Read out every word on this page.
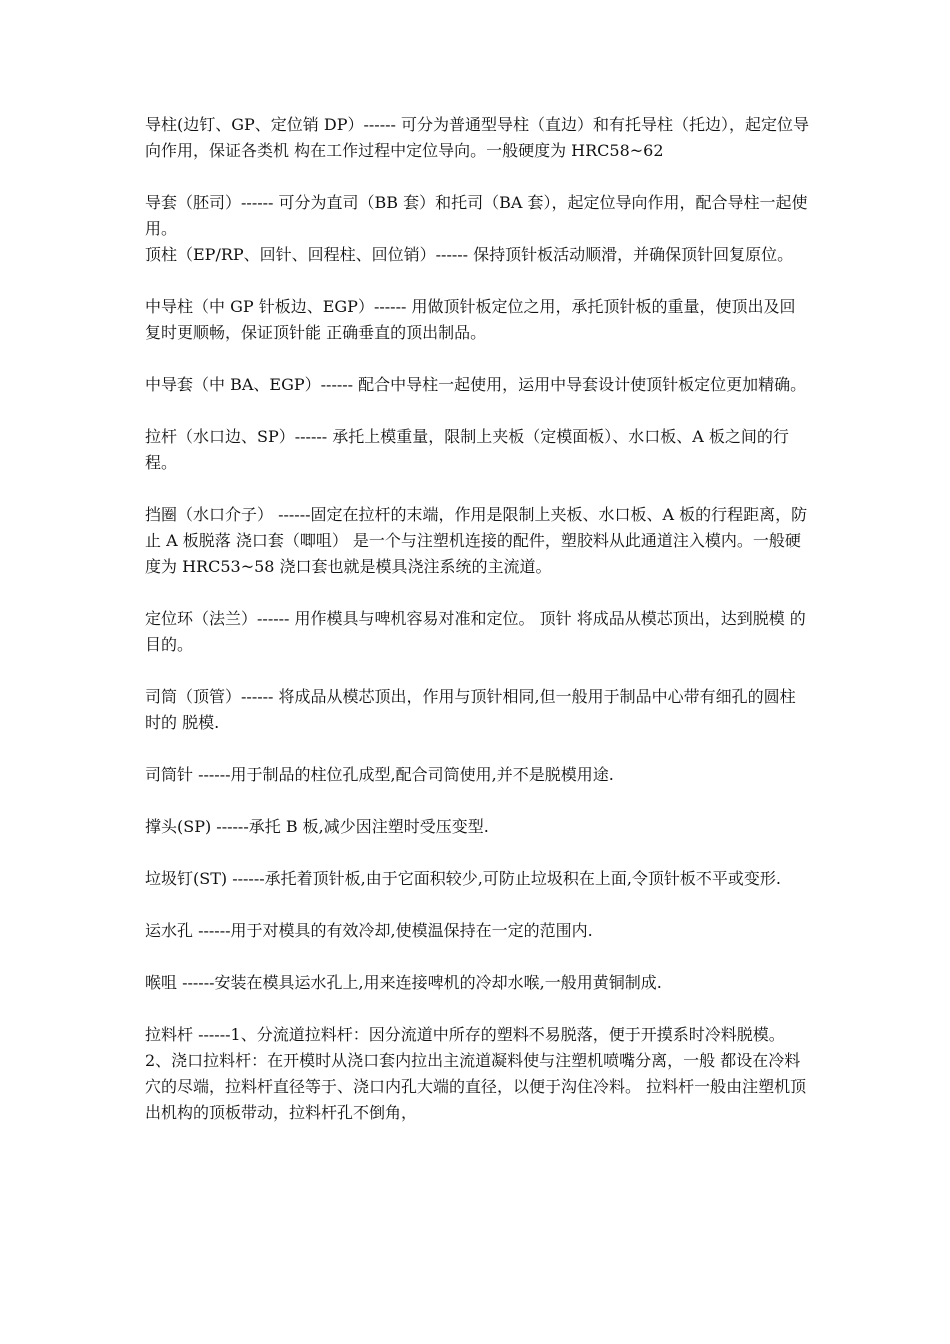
导柱(边钉、GP、定位销 DP）------ 可分为普通型导柱（直边）和有托导柱（托边），起定位导向作用，保证各类机 构在工作过程中定位导向。一般硬度为 HRC58~62

导套（胚司）------ 可分为直司（BB 套）和托司（BA 套），起定位导向作用，配合导柱一起使用。

顶柱（EP/RP、回针、回程柱、回位销）------ 保持顶针板活动顺滑，并确保顶针回复原位。

中导柱（中 GP 针板边、EGP）------ 用做顶针板定位之用，承托顶针板的重量，使顶出及回复时更顺畅，保证顶针能 正确垂直的顶出制品。

中导套（中 BA、EGP）------ 配合中导柱一起使用，运用中导套设计使顶针板定位更加精确。

拉杆（水口边、SP）------ 承托上模重量，限制上夹板（定模面板）、水口板、A 板之间的行程。

挡圈（水口介子） ------固定在拉杆的末端，作用是限制上夹板、水口板、A 板的行程距离，防止 A 板脱落 浇口套（唧咀） 是一个与注塑机连接的配件，塑胶料从此通道注入模内。一般硬度为 HRC53~58 浇口套也就是模具浇注系统的主流道。

定位环（法兰）------ 用作模具与啤机容易对准和定位。 顶针 将成品从模芯顶出，达到脱模 的目的。

司筒（顶管）------ 将成品从模芯顶出，作用与顶针相同,但一般用于制品中心带有细孔的圆柱时的 脱模.

司筒针 ------用于制品的柱位孔成型,配合司筒使用,并不是脱模用途.

撑头(SP) ------承托 B 板,减少因注塑时受压变型.

垃圾钉(ST) ------承托着顶针板,由于它面积较少,可防止垃圾积在上面,令顶针板不平或变形.

运水孔 ------用于对模具的有效冷却,使模温保持在一定的范围内.

喉咀 ------安装在模具运水孔上,用来连接啤机的冷却水喉,一般用黄铜制成.

拉料杆 ------1、分流道拉料杆：因分流道中所存的塑料不易脱落，便于开摸系时冷料脱模。 2、浇口拉料杆：在开模时从浇口套内拉出主流道凝料使与注塑机喷嘴分离，一般 都设在冷料穴的尽端，拉料杆直径等于、浇口内孔大端的直径，以便于沟住冷料。 拉料杆一般由注塑机顶出机构的顶板带动，拉料杆孔不倒角，
